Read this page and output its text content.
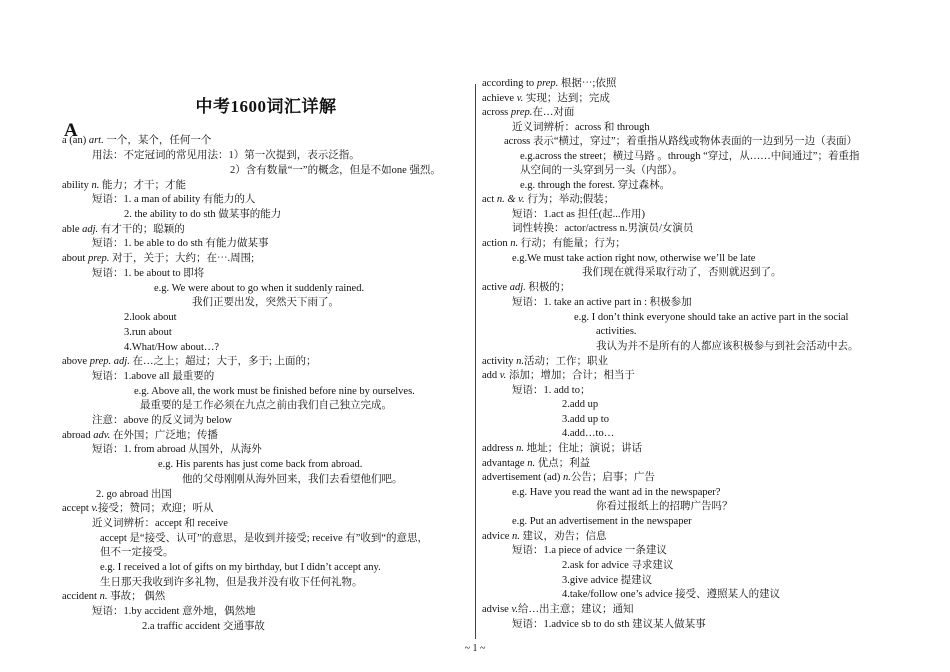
中考1600词汇详解
A
a (an) art. 一个，某个，任何一个
用法：不定冠词的常见用法：1）第一次提到，表示泛指。
2）含有数量“一”的概念，但是不如one 强烈。
ability n. 能力；才干；才能
短语：1. a man of ability 有能力的人
2. the ability to do sth 做某事的能力
able adj. 有才干的；聪颖的
短语：1. be able to do sth 有能力做某事
about prep. 对于，关于；大约；在⋯.周围;
短语：1. be about to 即将
e.g. We were about to go when it suddenly rained.
我们正要出发，突然天下雨了。
2.look about
3.run about
4.What/How about…?
above prep. adj. 在…之上；超过；大于，多于; 上面的；
短语：1.above all 最重要的
e.g. Above all, the work must be finished before nine by ourselves.
最重要的是工作必须在九点之前由我们自己独立完成。
注意：above 的反义词为 below
abroad adv. 在外国；广泛地；传播
短语：1. from abroad 从国外，从海外
e.g. His parents has just come back from abroad.
他的父母刚刚从海外回来，我们去看望他们吧。
2. go abroad 出国
accept v.接受；赞同；欢迎；听从
近义词辨析：accept 和 receive
accept 是“接受、认可”的意思，是收到并接受; receive 有”收到“的意思，
但不一定接受。
e.g. I received a lot of gifts on my birthday, but I didn’t accept any.
生日那天我收到许多礼物，但是我并没有收下任何礼物。
accident n. 事故； 偶然
短语：1.by accident 意外地，偶然地
2.a traffic accident 交通事故
according to prep. 根据⋯;依照
achieve v. 实现；达到；完成
across prep.在…对面
近义词辨析：across 和 through
across 表示“横过，穿过”；着重指从路线或物体表面的一边到另一边（表面）
e.g.across the street；横过马路 。through “穿过，从……中间通过”；着重指
从空间的一头穿到另一头（内部）。
e.g. through the forest. 穿过森林。
act n. & v. 行为；举动;假装；
短语：1.act as 担任(起...作用)
词性转换：actor/actress n.男演员/女演员
action n. 行动；有能量；行为；
e.g.We must take action right now, otherwise we’ll be late
我们现在就得采取行动了，否则就迟到了。
active adj. 积极的；
短语：1. take an active part in : 积极参加
e.g. I don’t think everyone should take an active part in the social
activities.
我认为并不是所有的人都应该积极参与到社会活动中去。
activity n.活动；工作；职业
add v. 添加；增加；合计；相当于
短语：1. add to；
2.add up
3.add up to
4.add…to…
address n. 地址；住址；演说；讲话
advantage n. 优点；利益
advertisement (ad) n.公告；启事；广告
e.g. Have you read the want ad in the newspaper?
你看过报纸上的招聘广告吗？
e.g. Put an advertisement in the newspaper
advice n. 建议，劝告；信息
短语：1.a piece of advice 一条建议
2.ask for advice 寻求建议
3.give advice 提建议
4.take/follow one’s advice 接受、遵照某人的建议
advise v.给…出主意；建议；通知
短语：1.advice sb to do sth 建议某人做某事
~ 1 ~
